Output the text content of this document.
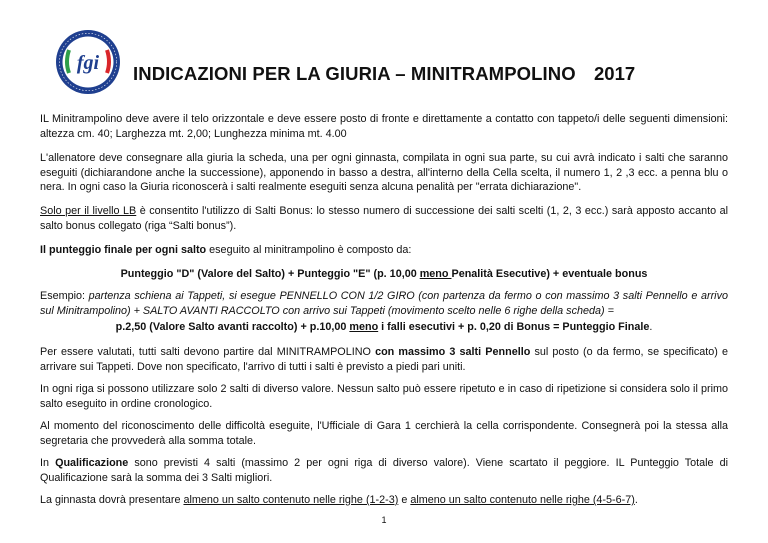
fgi INDICAZIONI PER LA GIURIA – MINITRAMPOLINO 2017
IL Minitrampolino deve avere il telo orizzontale e deve essere posto di fronte e direttamente a contatto con tappeto/i delle seguenti dimensioni: altezza cm. 40; Larghezza mt. 2,00; Lunghezza minima mt. 4.00
L'allenatore deve consegnare alla giuria la scheda, una per ogni ginnasta, compilata in ogni sua parte, su cui avrà indicato i salti che saranno eseguiti (dichiarandone anche la successione), apponendo in basso a destra, all'interno della Cella scelta, il numero 1, 2 ,3 ecc. a penna blu o nera. In ogni caso la Giuria riconoscerà i salti realmente eseguiti senza alcuna penalità per "errata dichiarazione".
Solo per il livello LB è consentito l'utilizzo di Salti Bonus: lo stesso numero di successione dei salti scelti (1, 2, 3 ecc.) sarà apposto accanto al salto bonus collegato (riga “Salti bonus”).
Il punteggio finale per ogni salto eseguito al minitrampolino è composto da:
Punteggio "D" (Valore del Salto) + Punteggio "E" (p. 10,00 meno Penalità Esecutive) + eventuale bonus
Esempio: partenza schiena ai Tappeti, si esegue PENNELLO CON 1/2 GIRO (con partenza da fermo o con massimo 3 salti Pennello e arrivo sul Minitrampolino) + SALTO AVANTI RACCOLTO con arrivo sui Tappeti (movimento scelto nelle 6 righe della scheda) =
p.2,50 (Valore Salto avanti raccolto) + p.10,00 meno i falli esecutivi + p. 0,20 di Bonus = Punteggio Finale.
Per essere valutati, tutti salti devono partire dal MINITRAMPOLINO con massimo 3 salti Pennello sul posto (o da fermo, se specificato) e arrivare sui Tappeti. Dove non specificato, l'arrivo di tutti i salti è previsto a piedi pari uniti.
In ogni riga si possono utilizzare solo 2 salti di diverso valore. Nessun salto può essere ripetuto e in caso di ripetizione si considera solo il primo salto eseguito in ordine cronologico.
Al momento del riconoscimento delle difficoltà eseguite, l'Ufficiale di Gara 1 cerchierà la cella corrispondente. Consegnerà poi la stessa alla segretaria che provvederà alla somma totale.
In Qualificazione sono previsti 4 salti (massimo 2 per ogni riga di diverso valore). Viene scartato il peggiore. IL Punteggio Totale di Qualificazione sarà la somma dei 3 Salti migliori.
La ginnasta dovrà presentare almeno un salto contenuto nelle righe (1-2-3) e almeno un salto contenuto nelle righe (4-5-6-7).
1
